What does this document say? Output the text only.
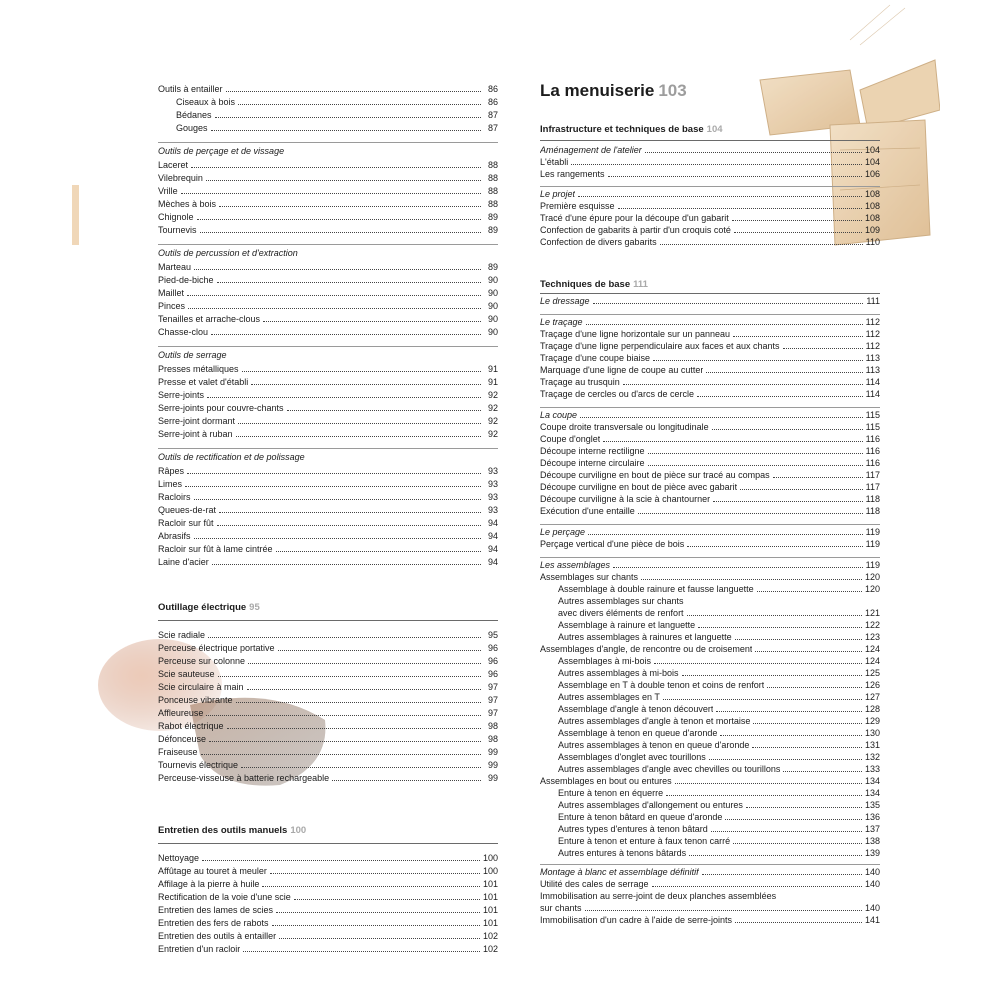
Outils à entailler	86
Ciseaux à bois	86
Bédanes	87
Gouges	87
Outils de perçage et de vissage
Laceret	88
Vilebrequin	88
Vrille	88
Mèches à bois	88
Chignole	89
Tournevis	89
Outils de percussion et d'extraction
Marteau	89
Pied-de-biche	90
Maillet	90
Pinces	90
Tenailles et arrache-clous	90
Chasse-clou	90
Outils de serrage
Presses métalliques	91
Presse et valet d'établi	91
Serre-joints	92
Serre-joints pour couvre-chants	92
Serre-joint dormant	92
Serre-joint à ruban	92
Outils de rectification et de polissage
Râpes	93
Limes	93
Racloirs	93
Queues-de-rat	93
Racloir sur fût	94
Abrasifs	94
Racloir sur fût à lame cintrée	94
Laine d'acier	94
Outillage électrique 95
Scie radiale	95
Perceuse électrique portative	96
Perceuse sur colonne	96
Scie sauteuse	96
Scie circulaire à main	97
Ponceuse vibrante	97
Affleureuse	97
Rabot électrique	98
Défonceuse	98
Fraiseuse	99
Tournevis électrique	99
Perceuse-visseuse à batterie rechargeable	99
Entretien des outils manuels 100
Nettoyage	100
Affûtage au touret à meuler	100
Affilage à la pierre à huile	101
Rectification de la voie d'une scie	101
Entretien des lames de scies	101
Entretien des fers de rabots	101
Entretien des outils à entailler	102
Entretien d'un racloir	102
La menuiserie 103
Infrastructure et techniques de base 104
Aménagement de l'atelier	104
L'établi	104
Les rangements	106
Le projet	108
Première esquisse	108
Tracé d'une épure pour la découpe d'un gabarit	108
Confection de gabarits à partir d'un croquis coté	109
Confection de divers gabarits	110
Techniques de base 111
Le dressage	111
Le traçage	112
Traçage d'une ligne horizontale sur un panneau	112
Traçage d'une ligne perpendiculaire aux faces et aux chants	112
Traçage d'une coupe biaise	113
Marquage d'une ligne de coupe au cutter	113
Traçage au trusquin	114
Traçage de cercles ou d'arcs de cercle	114
La coupe	115
Coupe droite transversale ou longitudinale	115
Coupe d'onglet	116
Découpe interne rectiligne	116
Découpe interne circulaire	116
Découpe curviligne en bout de pièce sur tracé au compas	117
Découpe curviligne en bout de pièce avec gabarit	117
Découpe curviligne à la scie à chantourner	118
Exécution d'une entaille	118
Le perçage	119
Perçage vertical d'une pièce de bois	119
Les assemblages	119
Assemblages sur chants	120
Assemblage à double rainure et fausse languette	120
Autres assemblages sur chants
avec divers éléments de renfort	121
Assemblage à rainure et languette	122
Autres assemblages à rainures et languette	123
Assemblages d'angle, de rencontre ou de croisement	124
Assemblages à mi-bois	124
Autres assemblages à mi-bois	125
Assemblage en T à double tenon et coins de renfort	126
Autres assemblages en T	127
Assemblage d'angle à tenon découvert	128
Autres assemblages d'angle à tenon et mortaise	129
Assemblage à tenon en queue d'aronde	130
Autres assemblages à tenon en queue d'aronde	131
Assemblages d'onglet avec tourillons	132
Autres assemblages d'angle avec chevilles ou tourillons	133
Assemblages en bout ou entures	134
Enture à tenon en équerre	134
Autres assemblages d'allongement ou entures	135
Enture à tenon bâtard en queue d'aronde	136
Autres types d'entures à tenon bâtard	137
Enture à tenon et enture à faux tenon carré	138
Autres entures à tenons bâtards	139
Montage à blanc et assemblage définitif	140
Utilité des cales de serrage	140
Immobilisation au serre-joint de deux planches assemblées
sur chants	140
Immobilisation d'un cadre à l'aide de serre-joints	141
